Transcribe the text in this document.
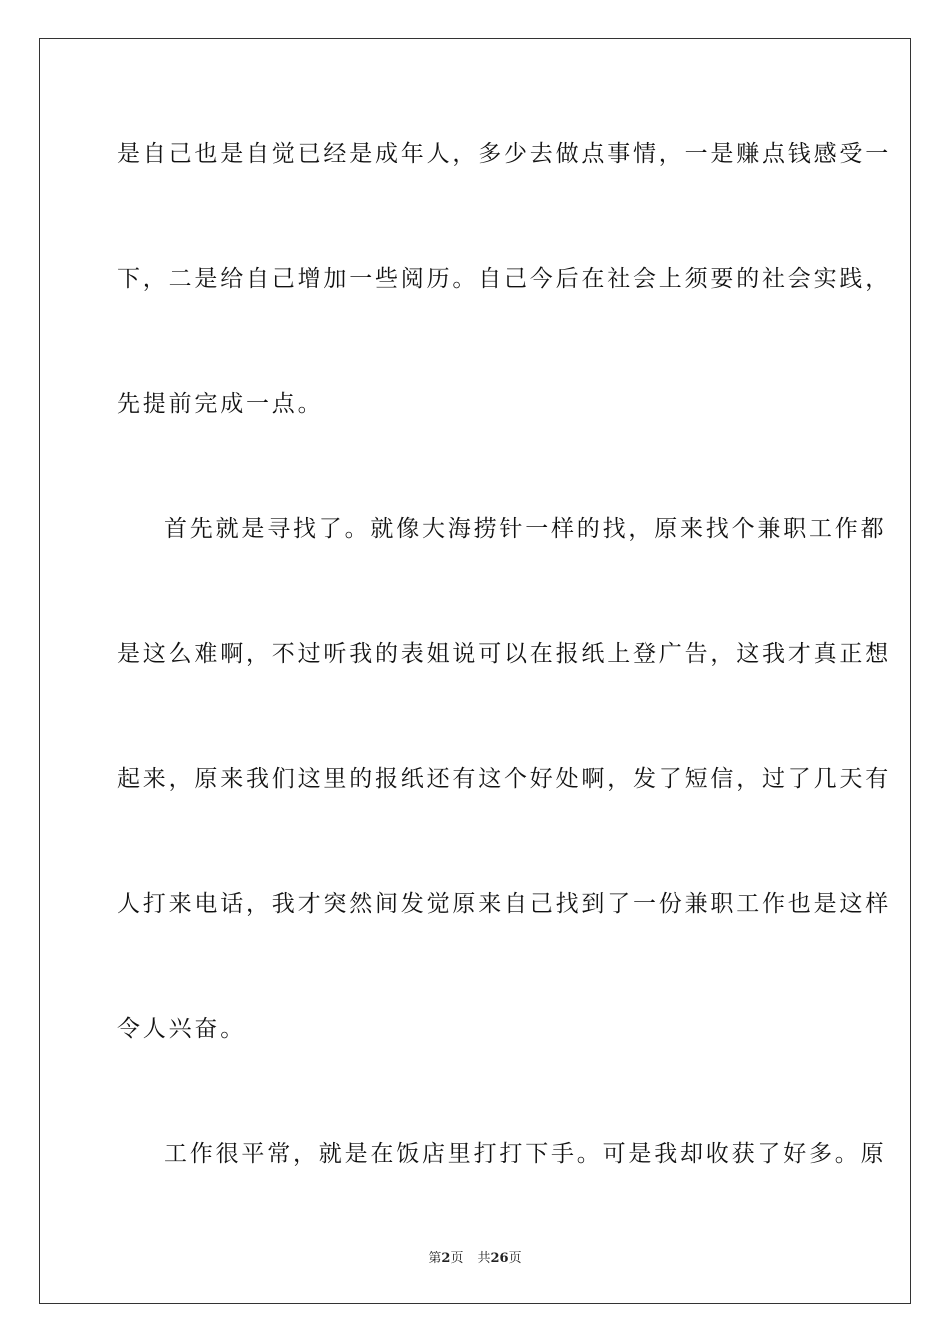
是自己也是自觉已经是成年人，多少去做点事情，一是赚点钱感受一
下，二是给自己增加一些阅历。自己今后在社会上须要的社会实践，
先提前完成一点。
首先就是寻找了。就像大海捞针一样的找，原来找个兼职工作都
是这么难啊，不过听我的表姐说可以在报纸上登广告，这我才真正想
起来，原来我们这里的报纸还有这个好处啊，发了短信，过了几天有
人打来电话，我才突然间发觉原来自己找到了一份兼职工作也是这样
令人兴奋。
工作很平常，就是在饭店里打打下手。可是我却收获了好多。原
第2页 共26页
